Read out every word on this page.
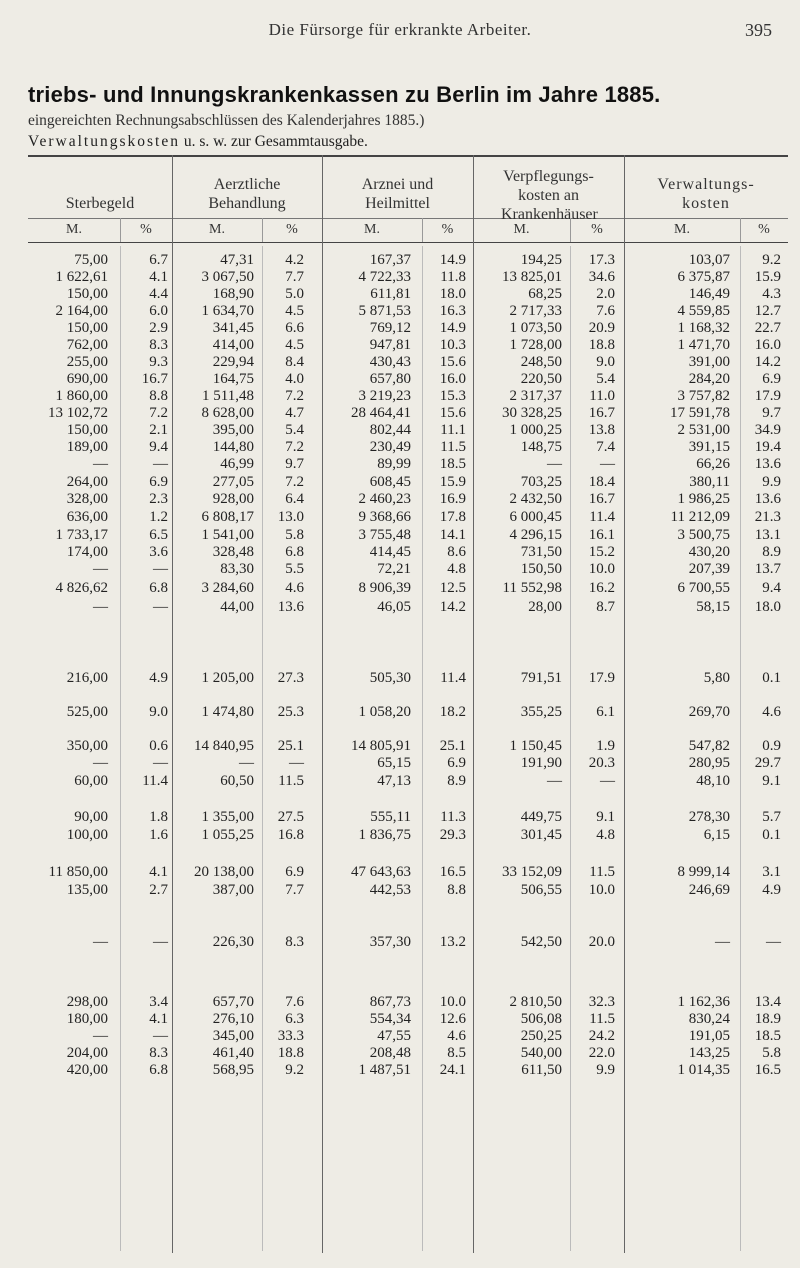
Die Fürsorge für erkrankte Arbeiter.	395
triebs- und Innungskrankenkassen zu Berlin im Jahre 1885.
eingereichten Rechnungsabschlüssen des Kalenderjahres 1885.)
Verwaltungskosten u. s. w. zur Gesammtausgabe.
Sterbegeld
M.	%
Aerztliche Behandlung
M.	%
Arznei und Heilmittel
M.	%
Verpflegungs-kosten an Krankenhäuser
M.	%
Verwaltungs-kosten
M.	%
75,00	6.7	47,31 4.2	167,37 14.9	194,25 17.3	103,07 9.2
1 622,61	4.1 3 067,50 7.7	4 722,33 11.8 13 825,01 34.6	6 375,87 15.9
150,00	4.4	168,90 5.0	611,81 18.0	68,25 2.0	146,49 4.3
2 164,00	6.0 1 634,70 4.5	5 871,53 16.3	2 717,33 7.6	4 559,85 12.7
150,00	2.9	341,45 6.6	769,12 14.9	1 073,50 20.9	1 168,32 22.7
762,00	8.3	414,00 4.5	947,81 10.3	1 728,00 18.8	1 471,70 16.0
255,00	9.3	229,94 8.4	430,43 15.6	248,50 9.0	391,00 14.2
690,00 16.7	164,75 4.0	657,80 16.0	220,50 5.4	284,20 6.9
1 860,00	8.8 1 511,48 7.2	3 219,23 15.3	2 317,37 11.0	3 757,82 17.9
13 102,72	7.2 8 628,00 4.7	28 464,41 15.6 30 328,25 16.7	17 591,78 9.7
150,00	2.1	395,00 5.4	802,44 11.1	1 000,25 13.8	2 531,00 34.9
189,00	9.4	144,80 7.2	230,49 11.5	148,75 7.4	391,15 19.4
—	—	46,99 9.7	89,99 18.5	—	—	66,26 13.6
264,00	6.9	277,05 7.2	608,45 15.9	703,25 18.4	380,11 9.9
328,00	2.3	928,00 6.4	2 460,23 16.9	2 432,50 16.7	1 986,25 13.6
636,00	1.2 6 808,17 13.0	9 368,66 17.8	6 000,45 11.4	11 212,09 21.3
1 733,17	6.5 1 541,00 5.8	3 755,48 14.1	4 296,15 16.1	3 500,75 13.1
174,00	3.6	328,48 6.8	414,45 8.6	731,50 15.2	430,20 8.9
—	—	83,30 5.5	72,21 4.8	150,50 10.0	207,39 13.7
4 826,62	6.8 3 284,60 4.6	8 906,39 12.5 11 552,98 16.2	6 700,55 9.4
—	—	44,00 13.6	46,05 14.2	28,00 8.7	58,15 18.0
216,00	4.9 1 205,00 27.3	505,30 11.4	791,51 17.9	5,80 0.1
525,00	9.0 1 474,80 25.3	1 058,20 18.2	355,25 6.1	269,70 4.6
350,00	0.6 14 840,95 25.1	14 805,91 25.1	1 150,45 1.9	547,82 0.9
—	—	— —	65,15 6.9	191,90 20.3	280,95 29.7
60,00 11.4	60,50 11.5	47,13 8.9	—	—	48,10 9.1
90,00	1.8 1 355,00 27.5	555,11 11.3	449,75 9.1	278,30 5.7
100,00	1.6 1 055,25 16.8	1 836,75 29.3	301,45 4.8	6,15 0.1
11 850,00	4.1 20 138,00 6.9	47 643,63 16.5 33 152,09 11.5	8 999,14 3.1
135,00	2.7	387,00 7.7	442,53 8.8	506,55 10.0	246,69 4.9
—	—	226,30 8.3	357,30 13.2	542,50 20.0	— —
298,00	3.4	657,70 7.6	867,73 10.0	2 810,50 32.3	1 162,36 13.4
180,00	4.1	276,10 6.3	554,34 12.6	506,08 11.5	830,24 18.9
—	—	345,00 33.3	47,55 4.6	250,25 24.2	191,05 18.5
204,00	8.3	461,40 18.8	208,48 8.5	540,00 22.0	143,25 5.8
420,00	6.8	568,95 9.2	1 487,51 24.1	611,50 9.9	1 014,35 16.5
